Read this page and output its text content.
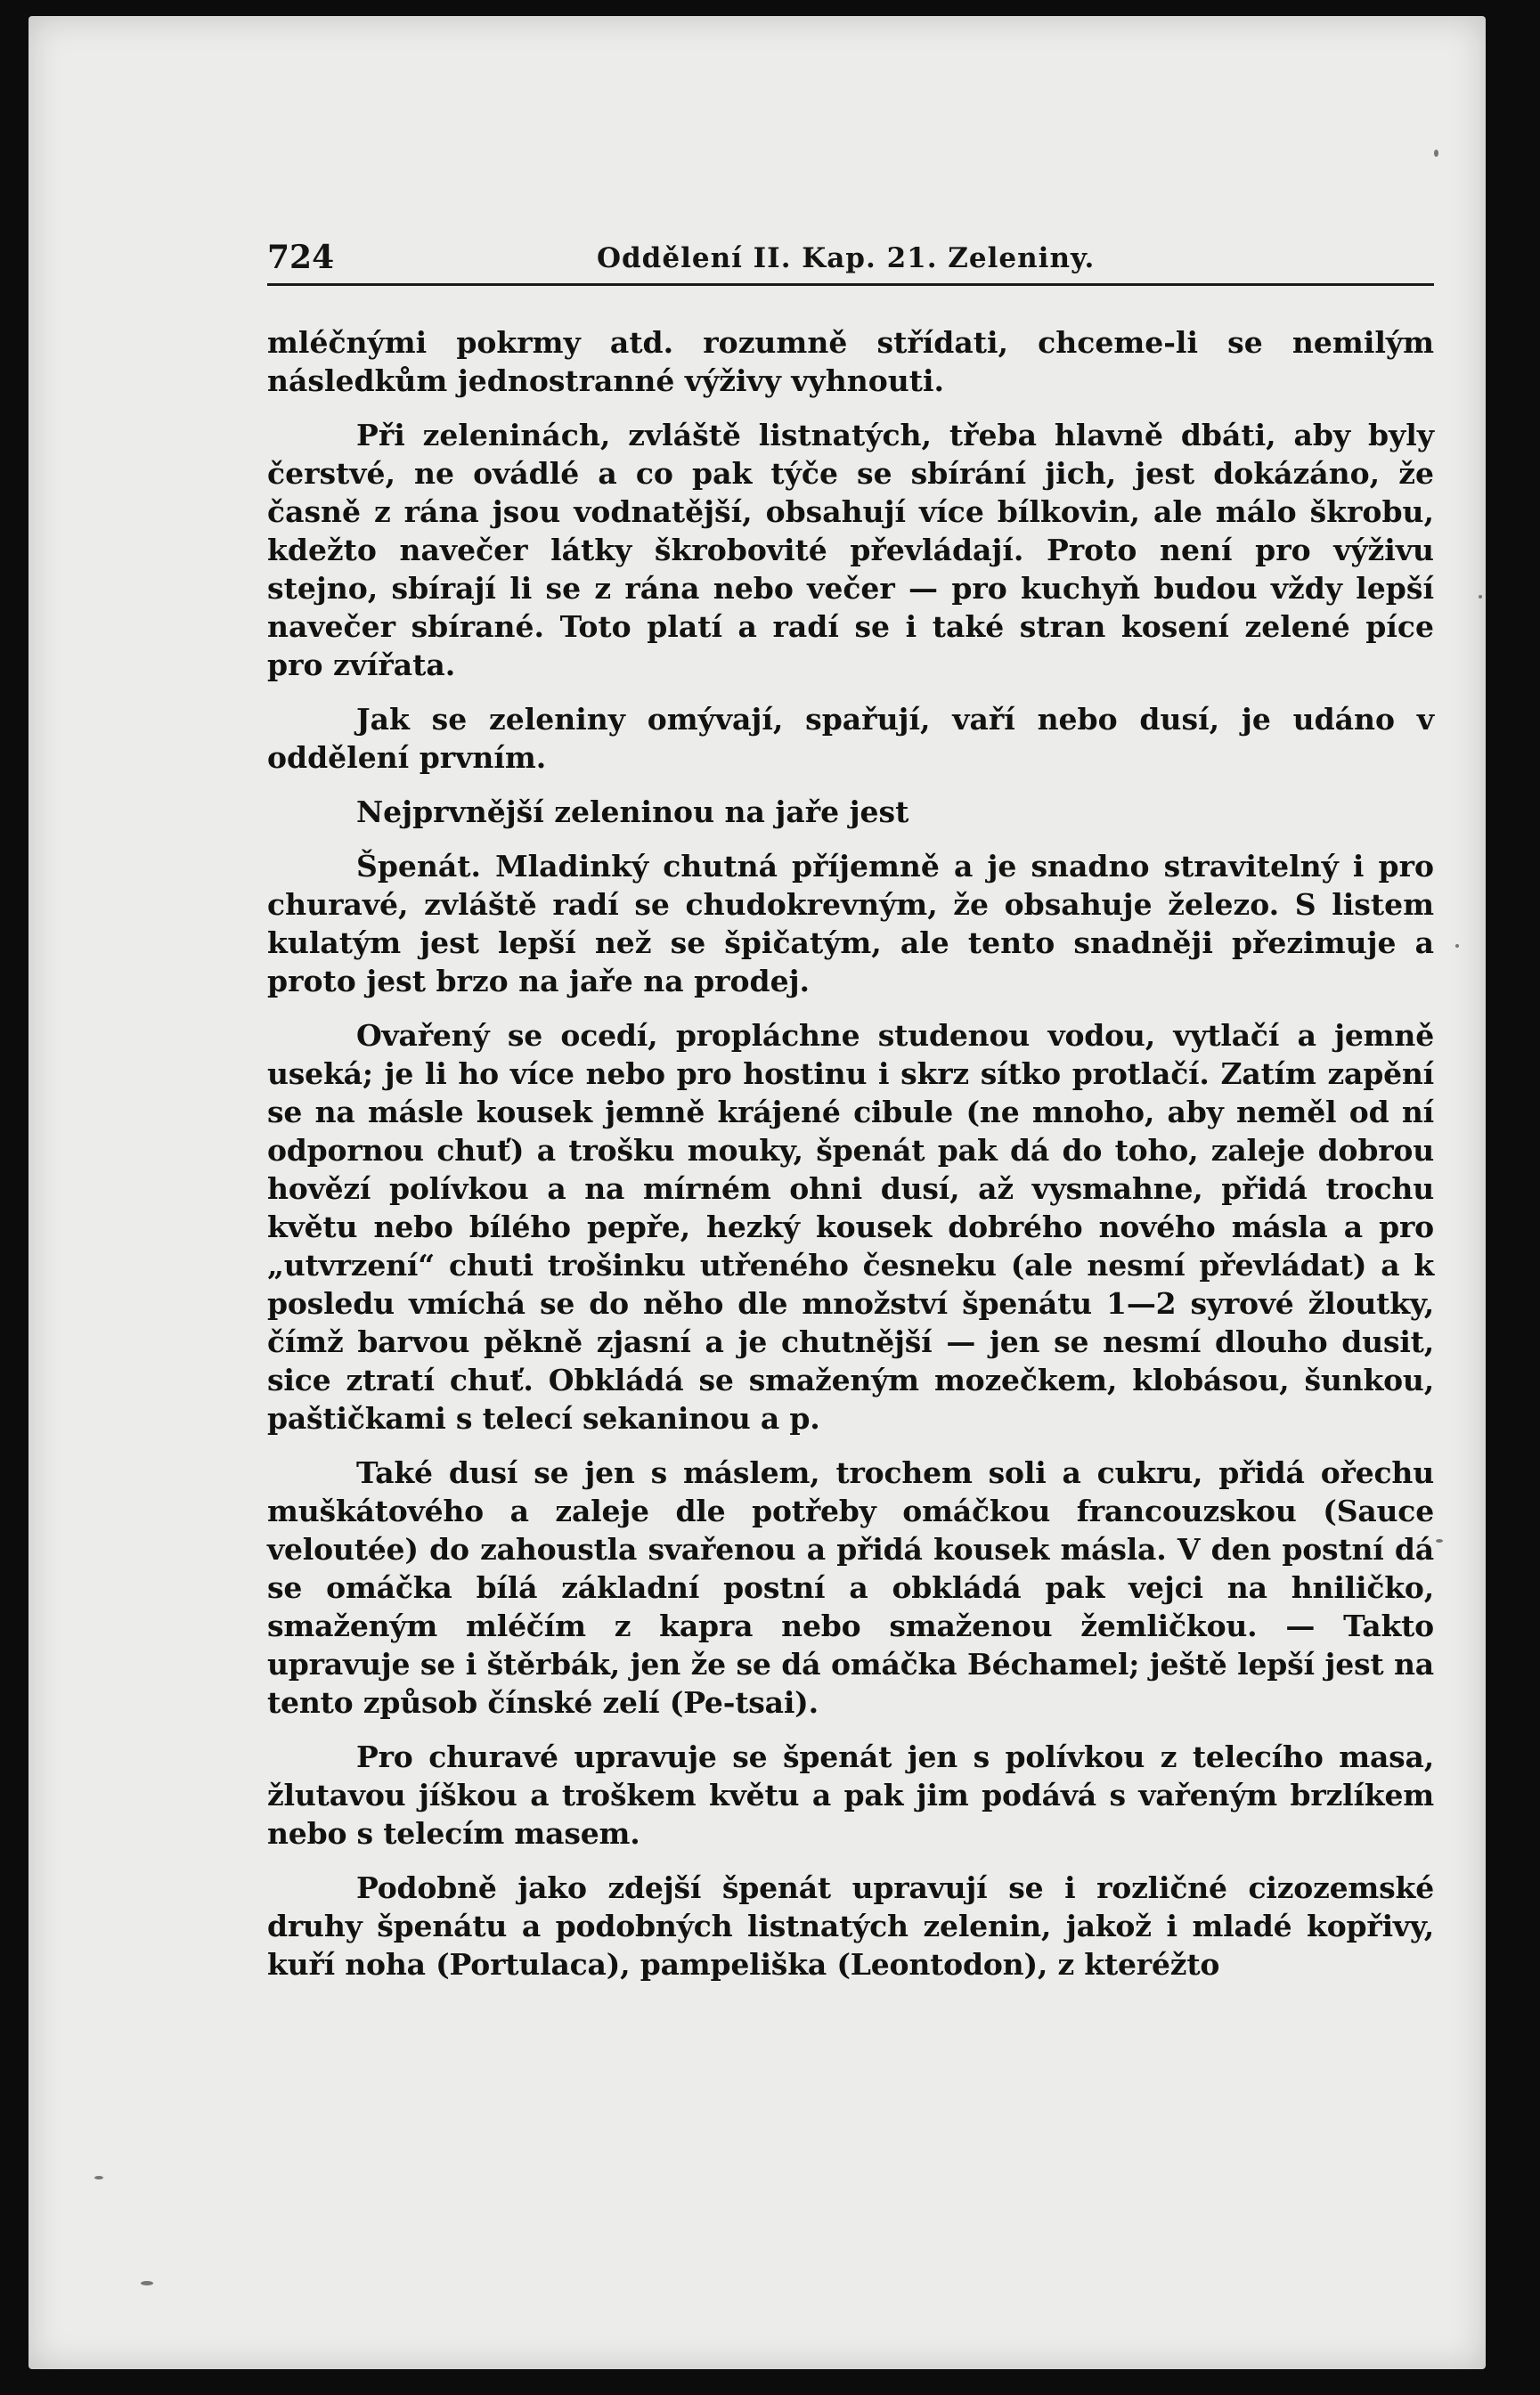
724	Oddělení II. Kap. 21. Zeleniny.

mléčnými pokrmy atd. rozumně střídati, chceme-li se nemilým následkům jednostranné výživy vyhnouti.

Při zeleninách, zvláště listnatých, třeba hlavně dbáti, aby byly čerstvé, ne ovádlé a co pak týče se sbírání jich, jest dokázáno, že časně z rána jsou vodnatější, obsahují více bílkovin, ale málo škrobu, kdežto navečer látky škrobovité převládají. Proto není pro výživu stejno, sbírají li se z rána nebo večer — pro kuchyň budou vždy lepší navečer sbírané. Toto platí a radí se i také stran kosení zelené píce pro zvířata.

Jak se zeleniny omývají, spařují, vaří nebo dusí, je udáno v oddělení prvním.

Nejprvnější zeleninou na jaře jest

Špenát. Mladinký chutná příjemně a je snadno stravitelný i pro churavé, zvláště radí se chudokrevným, že obsahuje železo. S listem kulatým jest lepší než se špičatým, ale tento snadněji přezimuje a proto jest brzo na jaře na prodej.

Ovařený se ocedí, propláchne studenou vodou, vytlačí a jemně useká; je li ho více nebo pro hostinu i skrz sítko protlačí. Zatím zapění se na másle kousek jemně krájené cibule (ne mnoho, aby neměl od ní odpornou chuť) a trošku mouky, špenát pak dá do toho, zaleje dobrou hovězí polívkou a na mírném ohni dusí, až vysmahne, přidá trochu květu nebo bílého pepře, hezký kousek dobrého nového másla a pro „utvrzení“ chuti trošinku utřeného česneku (ale nesmí převládat) a k posledu vmíchá se do něho dle množství špenátu 1—2 syrové žloutky, čímž barvou pěkně zjasní a je chutnější — jen se nesmí dlouho dusit, sice ztratí chuť. Obkládá se smaženým mozečkem, klobásou, šunkou, paštičkami s telecí sekaninou a p.

Také dusí se jen s máslem, trochem soli a cukru, přidá ořechu muškátového a zaleje dle potřeby omáčkou francouzskou (Sauce veloutée) do zahoustla svařenou a přidá kousek másla. V den postní dá se omáčka bílá základní postní a obkládá pak vejci na hniličko, smaženým mléčím z kapra nebo smaženou žemličkou. — Takto upravuje se i štěrbák, jen že se dá omáčka Béchamel; ještě lepší jest na tento způsob čínské zelí (Pe-tsai).

Pro churavé upravuje se špenát jen s polívkou z telecího masa, žlutavou jíškou a troškem květu a pak jim podává s vařeným brzlíkem nebo s telecím masem.

Podobně jako zdejší špenát upravují se i rozličné cizozemské druhy špenátu a podobných listnatých zelenin, jakož i mladé kopřivy, kuří noha (Portulaca), pampeliška (Leontodon), z kteréžto
